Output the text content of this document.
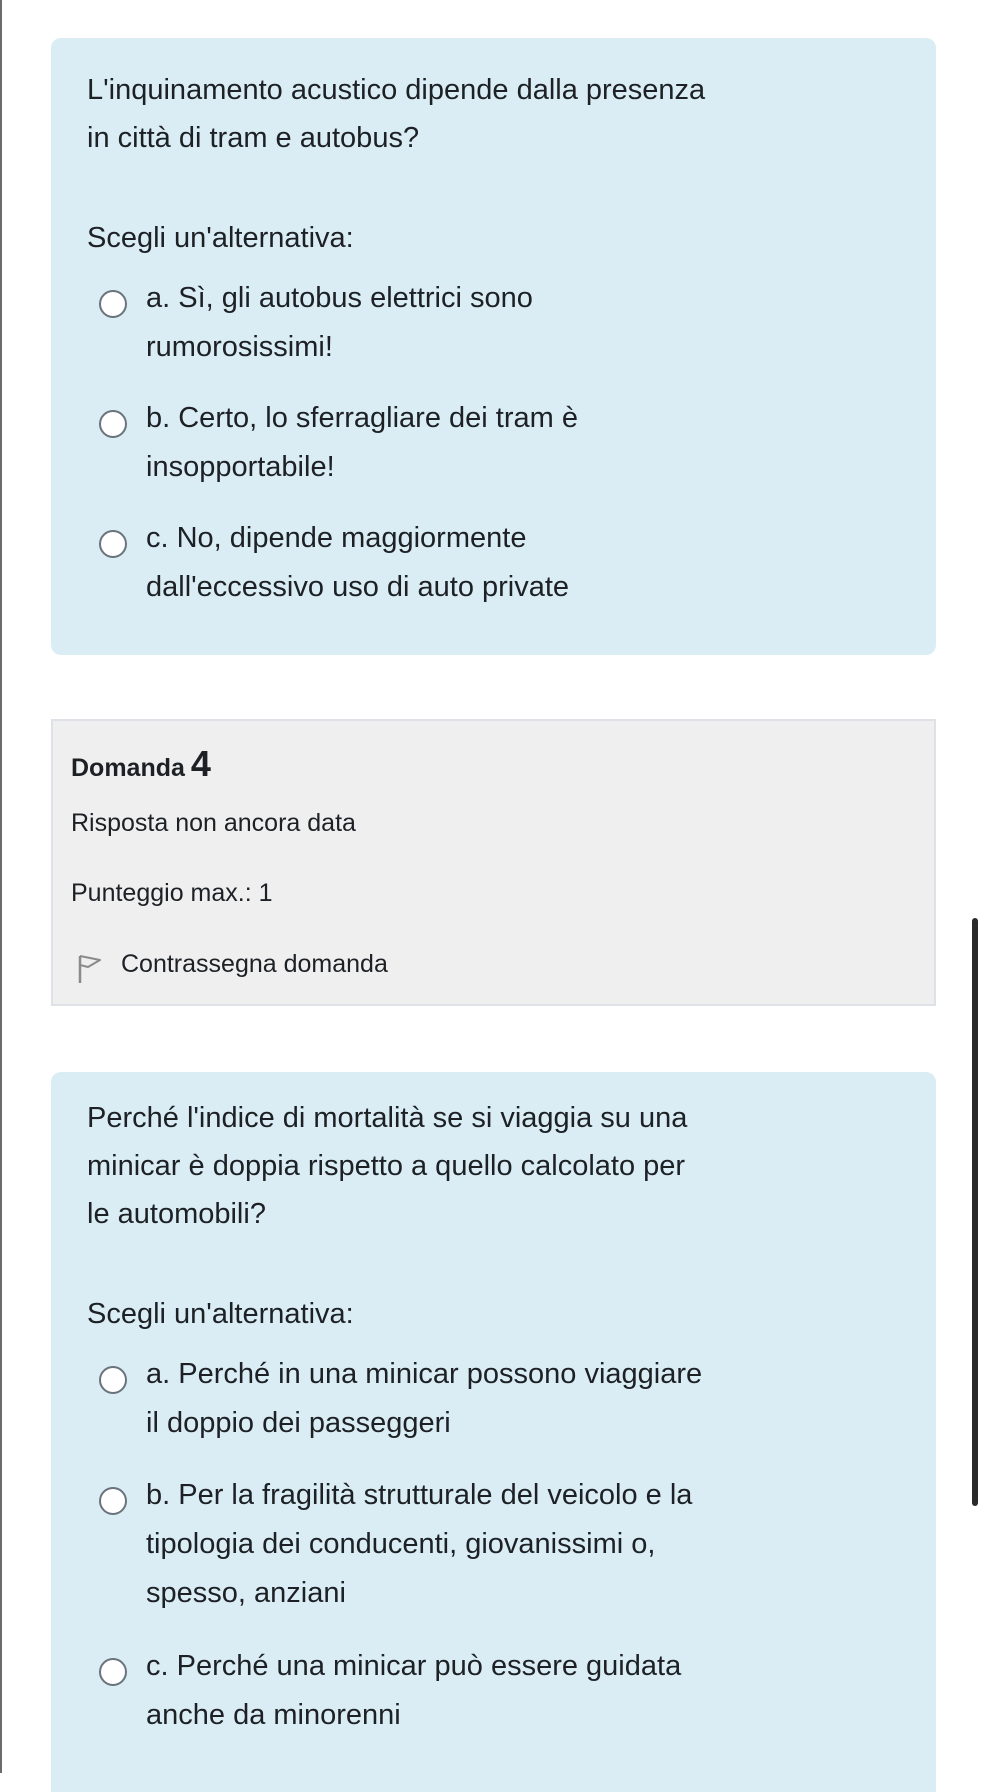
L'inquinamento acustico dipende dalla presenza
in città di tram e autobus?
Scegli un'alternativa:
a. Sì, gli autobus elettrici sono
rumorosissimi!
b. Certo, lo sferragliare dei tram è
insopportabile!
c. No, dipende maggiormente
dall'eccessivo uso di auto private
Domanda 4
Risposta non ancora data
Punteggio max.: 1
Contrassegna domanda
Perché l'indice di mortalità se si viaggia su una
minicar è doppia rispetto a quello calcolato per
le automobili?
Scegli un'alternativa:
a. Perché in una minicar possono viaggiare
il doppio dei passeggeri
b. Per la fragilità strutturale del veicolo e la
tipologia dei conducenti, giovanissimi o,
spesso, anziani
c. Perché una minicar può essere guidata
anche da minorenni
